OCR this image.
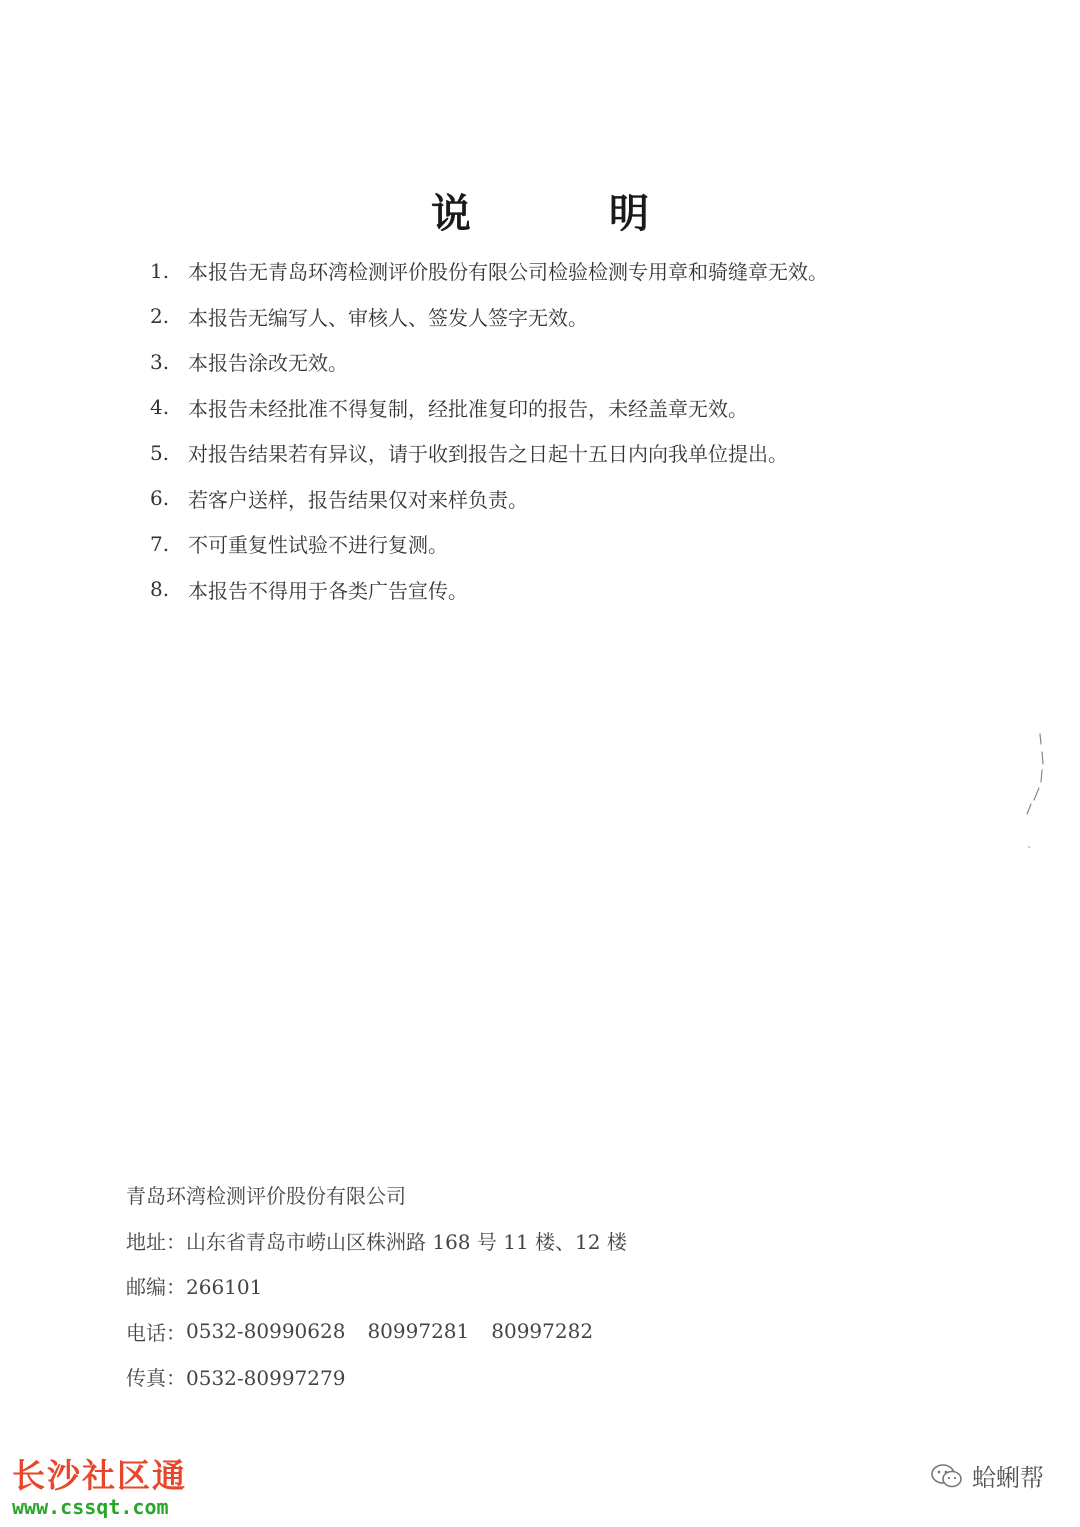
说 明
1. 本报告无青岛环湾检测评价股份有限公司检验检测专用章和骑缝章无效。
2. 本报告无编写人、审核人、签发人签字无效。
3. 本报告涂改无效。
4. 本报告未经批准不得复制，经批准复印的报告，未经盖章无效。
5. 对报告结果若有异议，请于收到报告之日起十五日内向我单位提出。
6. 若客户送样，报告结果仅对来样负责。
7. 不可重复性试验不进行复测。
8. 本报告不得用于各类广告宣传。
青岛环湾检测评价股份有限公司
地址：山东省青岛市崂山区株洲路 168 号 11 楼、12 楼
邮编：266101
电话： 0532-80990628 80997281 80997282
传真：0532-80997279
长沙社区通
www.cssqt.com
蛤蜊帮
